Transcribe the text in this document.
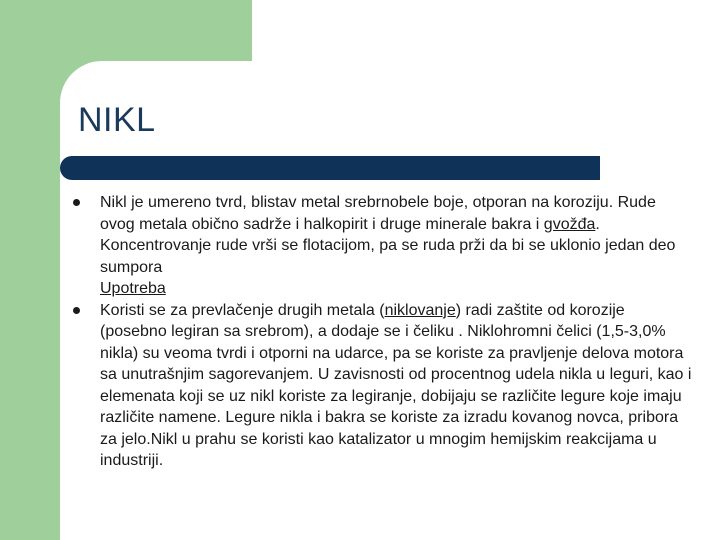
NIKL
Nikl je umereno tvrd, blistav metal srebrnobele boje, otporan na koroziju. Rude ovog metala obično sadrže i halkopirit i druge minerale bakra i gvožđa. Koncentrovanje rude vrši se flotacijom, pa se ruda prži da bi se uklonio jedan deo sumpora
Upotreba
Koristi se za prevlačenje drugih metala (niklovanje) radi zaštite od korozije (posebno legiran sa srebrom), a dodaje se i čeliku . Niklohromni čelici (1,5-3,0% nikla) su veoma tvrdi i otporni na udarce, pa se koriste za pravljenje delova motora sa unutrašnjim sagorevanjem. U zavisnosti od procentnog udela nikla u leguri, kao i elemenata koji se uz nikl koriste za legiranje, dobijaju se različite legure koje imaju različite namene. Legure nikla i bakra se koriste za izradu kovanog novca, pribora za jelo.Nikl u prahu se koristi kao katalizator u mnogim hemijskim reakcijama u industriji.
